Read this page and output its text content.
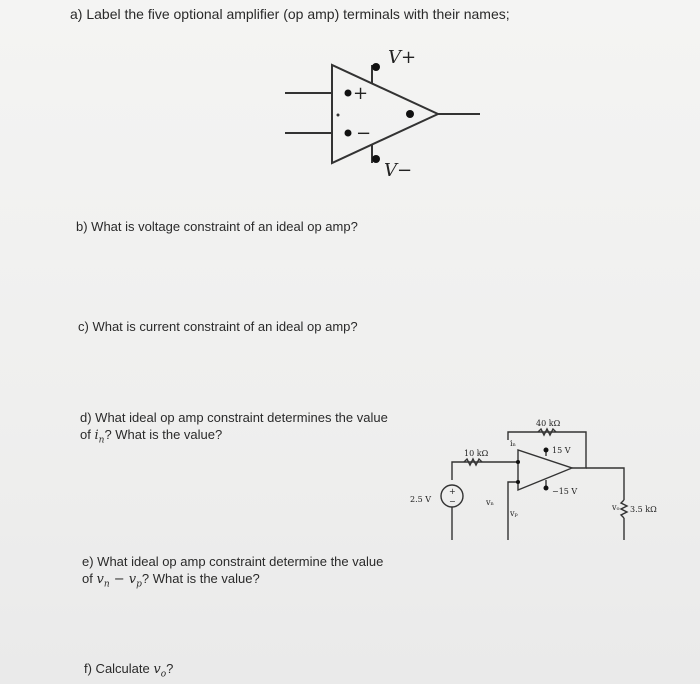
a) Label the five optional amplifier (op amp) terminals with their names;
+
−
V+
V−
b) What is voltage constraint of an ideal op amp?
c) What is current constraint of an ideal op amp?
d) What ideal op amp constraint determines the value
of $i_n$? What is the value?
e) What ideal op amp constraint determine the value
of $v_n - v_p$? What is the value?
f) Calculate $v_o$?
40 kΩ
10 kΩ
3.5 kΩ
2.5 V
15 V
−15 V
iₙ
vₙ
vₚ
vₒ
+
−
